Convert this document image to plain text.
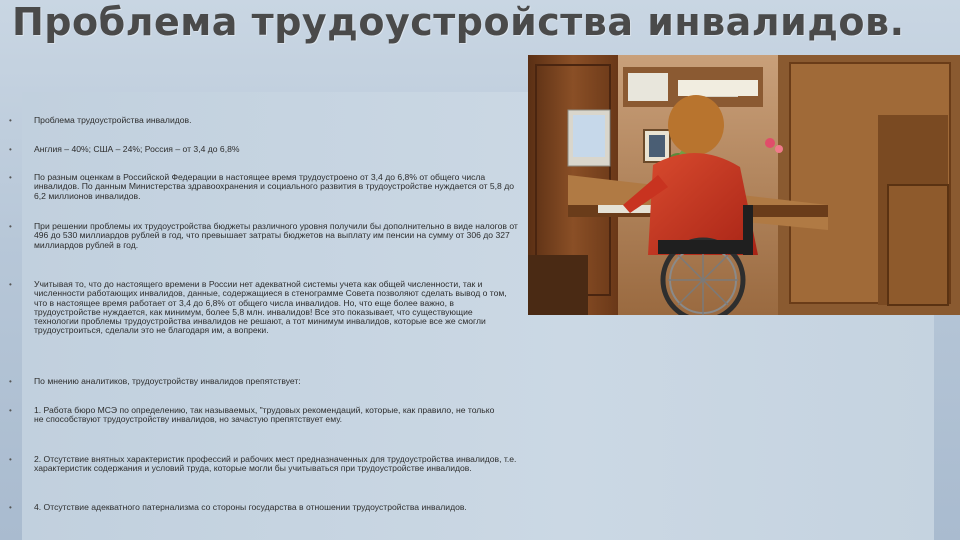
Проблема трудоустройства инвалидов.
•	Проблема трудоустройства инвалидов.
•	Англия – 40%; США – 24%; Россия – от 3,4 до 6,8%
•	По разным оценкам в Российской Федерации в настоящее время трудоустроено от 3,4 до 6,8% от общего числа инвалидов. По данным Министерства здравоохранения и социального развития в трудоустройстве нуждается от 5,8 до 6,2 миллионов инвалидов.
•	При решении проблемы их трудоустройства бюджеты различного уровня получили бы дополнительно в виде налогов от 496 до 530 миллиардов рублей в год, что превышает затраты бюджетов на выплату им пенсии на сумму от 306 до 327 миллиардов рублей в год.
•	Учитывая то, что до настоящего времени в России нет адекватной системы учета как общей численности, так и численности работающих инвалидов, данные, содержащиеся в стенограмме Совета позволяют сделать вывод о том, что в настоящее время работает от 3,4 до 6,8% от общего числа инвалидов. Но, что еще более важно, в трудоустройстве нуждается, как минимум, более 5,8 млн. инвалидов! Все это показывает, что существующие технологии проблемы трудоустройства инвалидов не решают, а тот минимум инвалидов, которые все же смогли трудоустроиться, сделали это не благодаря им, а вопреки.
•	По мнению аналитиков, трудоустройству инвалидов препятствует:
•	1. Работа бюро МСЭ по определению, так называемых, "трудовых рекомендаций, которые, как правило, не только не способствуют трудоустройству инвалидов, но зачастую препятствует ему.
•	2. Отсутствие внятных характеристик профессий и рабочих мест предназначенных для трудоустройства инвалидов, т.е. характеристик содержания и условий труда, которые могли бы учитываться при трудоустройстве инвалидов.
•	4. Отсутствие адекватного патернализма со стороны государства в отношении трудоустройства инвалидов.
